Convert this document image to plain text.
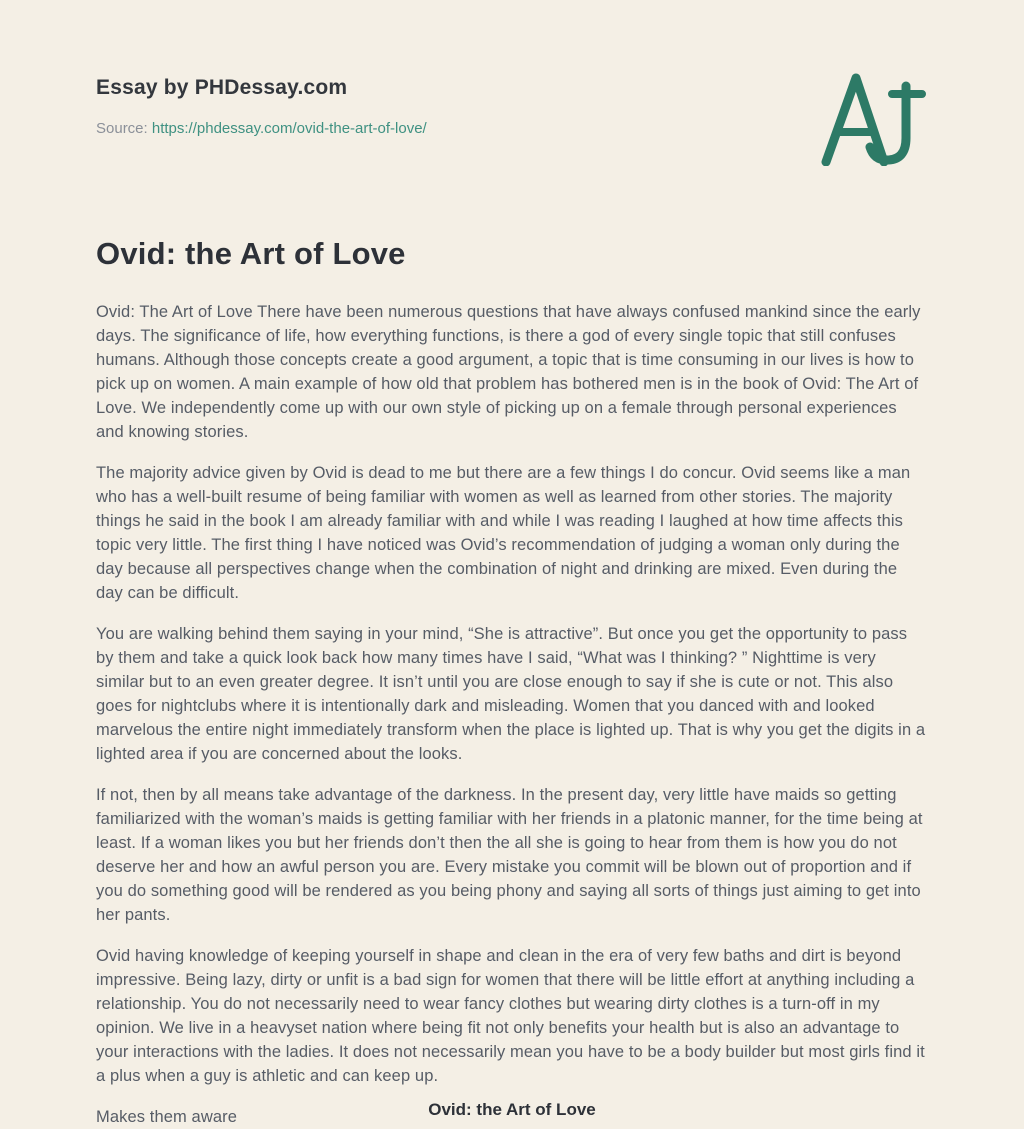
Essay by PHDessay.com
Source: https://phdessay.com/ovid-the-art-of-love/
Ovid: the Art of Love

Ovid: The Art of Love There have been numerous questions that have always confused mankind since the early days. The significance of life, how everything functions, is there a god of every single topic that still confuses humans. Although those concepts create a good argument, a topic that is time consuming in our lives is how to pick up on women. A main example of how old that problem has bothered men is in the book of Ovid: The Art of Love. We independently come up with our own style of picking up on a female through personal experiences and knowing stories.

The majority advice given by Ovid is dead to me but there are a few things I do concur. Ovid seems like a man who has a well-built resume of being familiar with women as well as learned from other stories. The majority things he said in the book I am already familiar with and while I was reading I laughed at how time affects this topic very little. The first thing I have noticed was Ovid’s recommendation of judging a woman only during the day because all perspectives change when the combination of night and drinking are mixed. Even during the day can be difficult.

You are walking behind them saying in your mind, “She is attractive”. But once you get the opportunity to pass by them and take a quick look back how many times have I said, “What was I thinking? ” Nighttime is very similar but to an even greater degree. It isn’t until you are close enough to say if she is cute or not. This also goes for nightclubs where it is intentionally dark and misleading. Women that you danced with and looked marvelous the entire night immediately transform when the place is lighted up. That is why you get the digits in a lighted area if you are concerned about the looks.

If not, then by all means take advantage of the darkness. In the present day, very little have maids so getting familiarized with the woman’s maids is getting familiar with her friends in a platonic manner, for the time being at least. If a woman likes you but her friends don’t then the all she is going to hear from them is how you do not deserve her and how an awful person you are. Every mistake you commit will be blown out of proportion and if you do something good will be rendered as you being phony and saying all sorts of things just aiming to get into her pants.

Ovid having knowledge of keeping yourself in shape and clean in the era of very few baths and dirt is beyond impressive. Being lazy, dirty or unfit is a bad sign for women that there will be little effort at anything including a relationship. You do not necessarily need to wear fancy clothes but wearing dirty clothes is a turn-off in my opinion. We live in a heavyset nation where being fit not only benefits your health but is also an advantage to your interactions with the ladies. It does not necessarily mean you have to be a body builder but most girls find it a plus when a guy is athletic and can keep up.

Makes them aware	Ovid: the Art of Love
